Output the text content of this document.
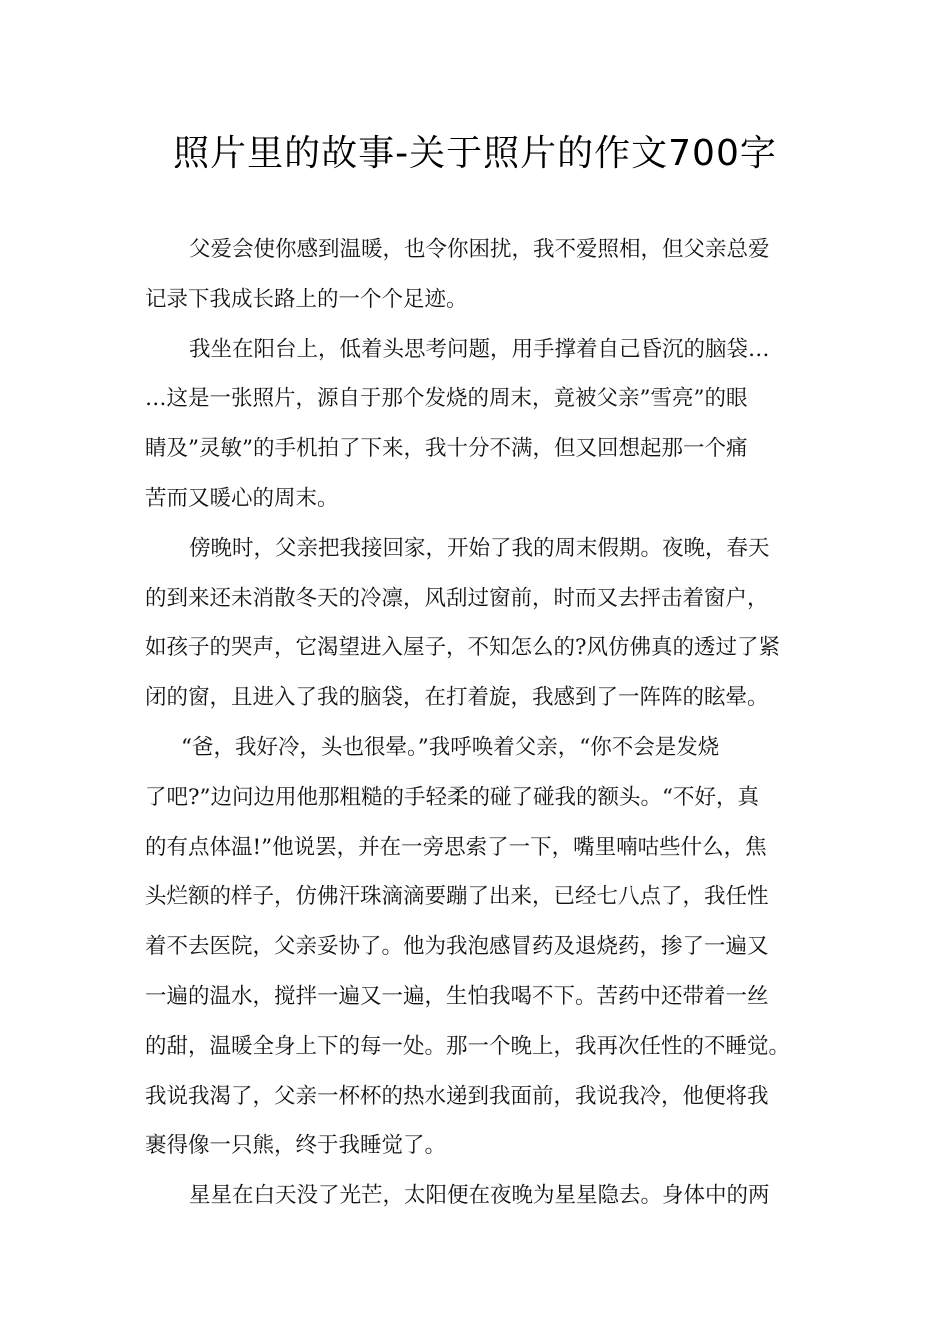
照片里的故事-关于照片的作文700字
父爱会使你感到温暖，也令你困扰，我不爱照相，但父亲总爱
记录下我成长路上的一个个足迹。
我坐在阳台上，低着头思考问题，用手撑着自己昏沉的脑袋…
…这是一张照片，源自于那个发烧的周末，竟被父亲”雪亮”的眼
睛及”灵敏”的手机拍了下来，我十分不满，但又回想起那一个痛
苦而又暖心的周末。
傍晚时，父亲把我接回家，开始了我的周末假期。夜晚，春天
的到来还未消散冬天的冷凛，风刮过窗前，时而又去抨击着窗户，
如孩子的哭声，它渴望进入屋子，不知怎么的?风仿佛真的透过了紧
闭的窗，且进入了我的脑袋，在打着旋，我感到了一阵阵的眩晕。
“爸，我好冷，头也很晕。”我呼唤着父亲，“你不会是发烧
了吧?”边问边用他那粗糙的手轻柔的碰了碰我的额头。“不好，真
的有点体温!”他说罢，并在一旁思索了一下，嘴里喃咕些什么，焦
头烂额的样子，仿佛汗珠滴滴要蹦了出来，已经七八点了，我任性
着不去医院，父亲妥协了。他为我泡感冒药及退烧药，掺了一遍又
一遍的温水，搅拌一遍又一遍，生怕我喝不下。苦药中还带着一丝
的甜，温暖全身上下的每一处。那一个晚上，我再次任性的不睡觉。
我说我渴了，父亲一杯杯的热水递到我面前，我说我冷，他便将我
裹得像一只熊，终于我睡觉了。
星星在白天没了光芒，太阳便在夜晚为星星隐去。身体中的两
